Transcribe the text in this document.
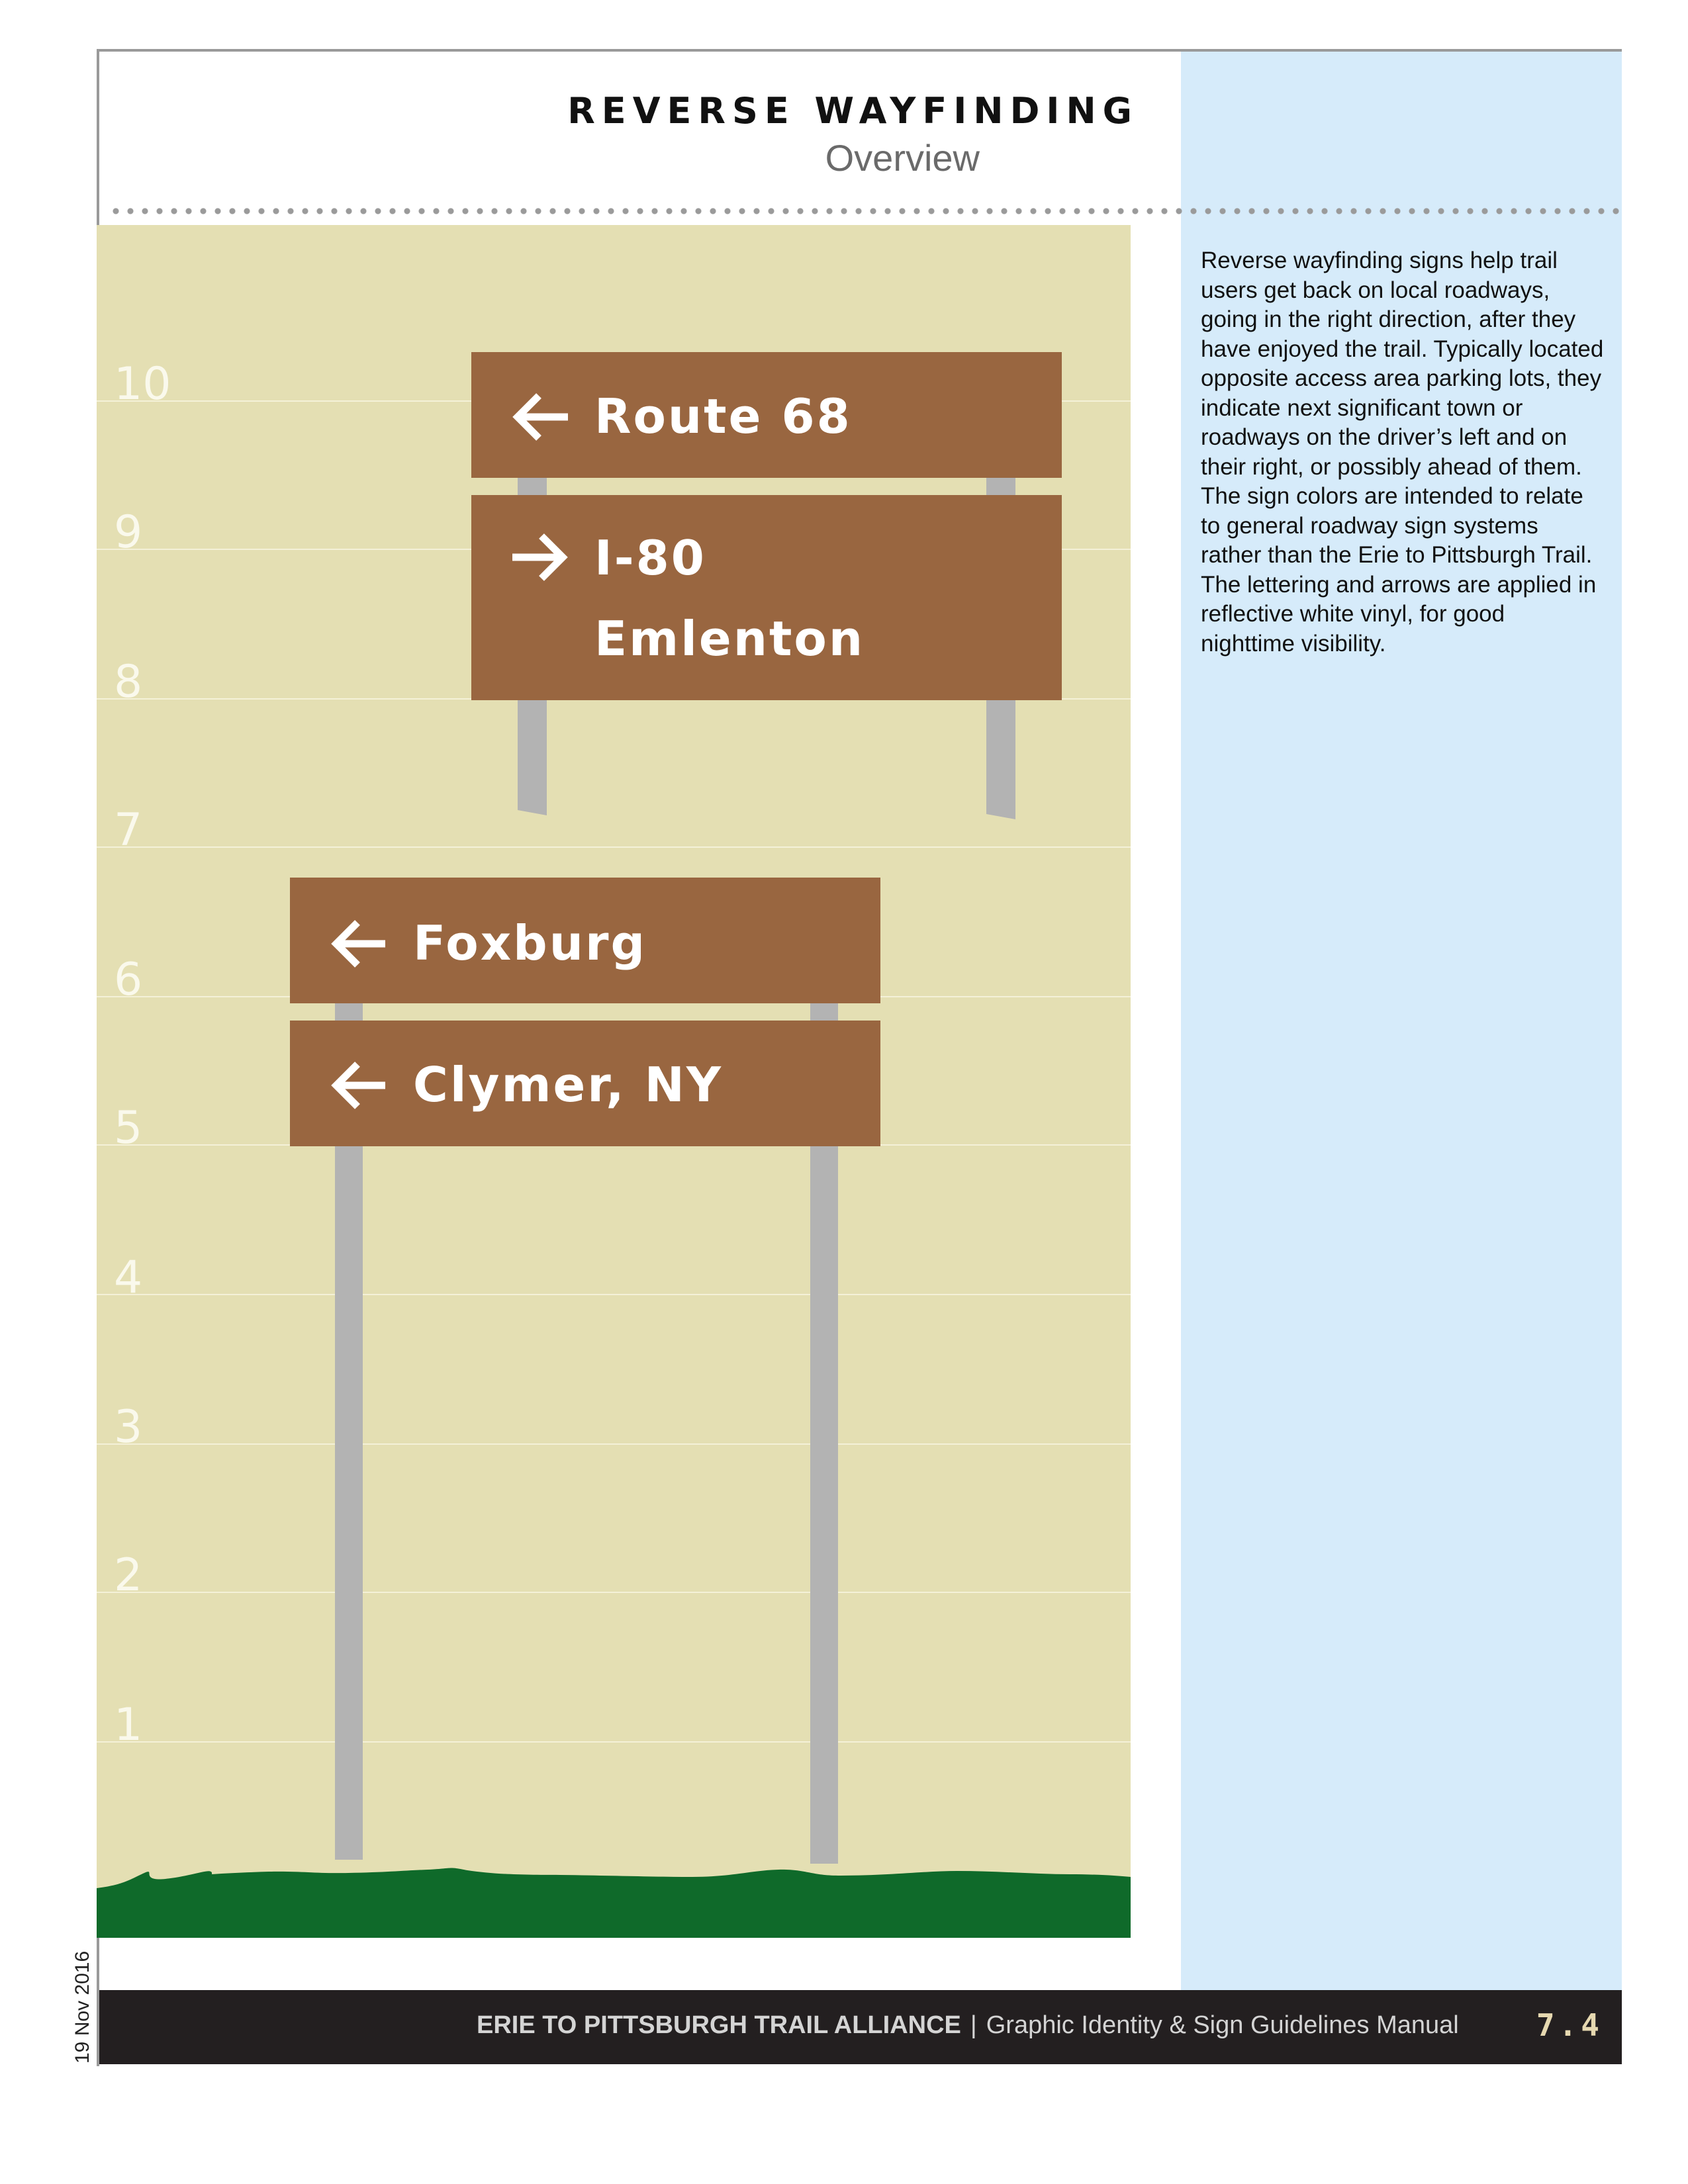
REVERSE WAYFINDING
Overview
Reverse wayfinding signs help trail users get back on local roadways, going in the right direction, after they have enjoyed the trail. Typically located opposite access area parking lots, they indicate next significant town or roadways on the driver’s left and on their right, or possibly ahead of them. The sign colors are intended to relate to general roadway sign systems rather than the Erie to Pittsburgh Trail. The lettering and arrows are applied in reflective white vinyl, for good nighttime visibility.
10
9
8
7
6
5
4
3
2
1
Route 68
I-80
Emlenton
Foxburg
Clymer, NY
ERIE TO PITTSBURGH TRAIL ALLIANCE | Graphic Identity & Sign Guidelines Manual	7.4
19 Nov 2016
